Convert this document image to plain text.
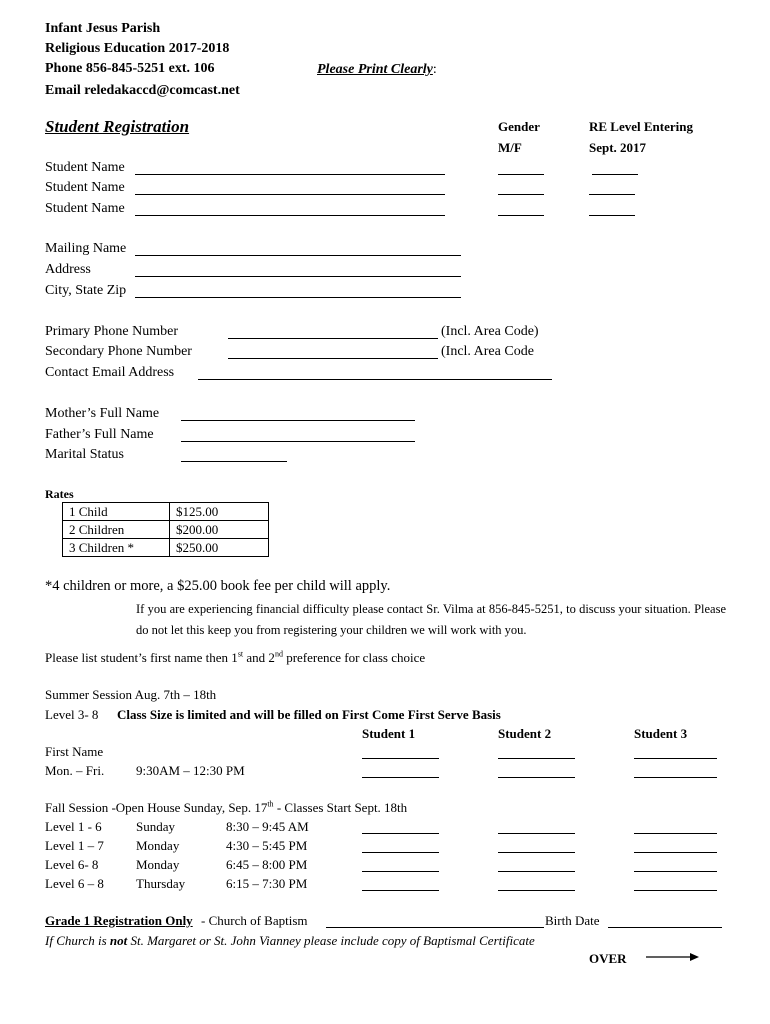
Infant Jesus Parish
Religious Education 2017-2018
Phone 856-845-5251 ext. 106
Email reledakaccd@comcast.net
Please Print Clearly:
Student Registration	Gender
M/F
RE Level Entering
Sept. 2017
Student Name
Student Name
Student Name
Mailing Name
Address
City, State Zip
Primary Phone Number	(Incl. Area Code)
Secondary Phone Number	(Incl. Area Code
Contact Email Address
Mother’s Full Name
Father’s Full Name
Marital Status
Rates
1 Child	$125.00
2 Children	$200.00
3 Children *	$250.00
*4 children or more, a $25.00 book fee per child will apply.
If you are experiencing financial difficulty please contact Sr. Vilma at 856-845-5251, to discuss your situation. Please do not let this keep you from registering your children we will work with you.
Please list student’s first name then 1st and 2nd preference for class choice
Summer Session Aug. 7th – 18th
Level 3- 8 Class Size is limited and will be filled on First Come First Serve Basis
Student 1	Student 2	Student 3
First Name
Mon. – Fri. 9:30AM – 12:30 PM
Fall Session -Open House Sunday, Sep. 17th - Classes Start Sept. 18th
Level 1 - 6	Sunday	8:30 – 9:45 AM
Level 1 – 7 Monday	4:30 – 5:45 PM
Level 6- 8	Monday	6:45 – 8:00 PM
Level 6 – 8 Thursday	6:15 – 7:30 PM
Grade 1 Registration Only - Church of Baptism	Birth Date
If Church is not St. Margaret or St. John Vianney please include copy of Baptismal Certificate
OVER
